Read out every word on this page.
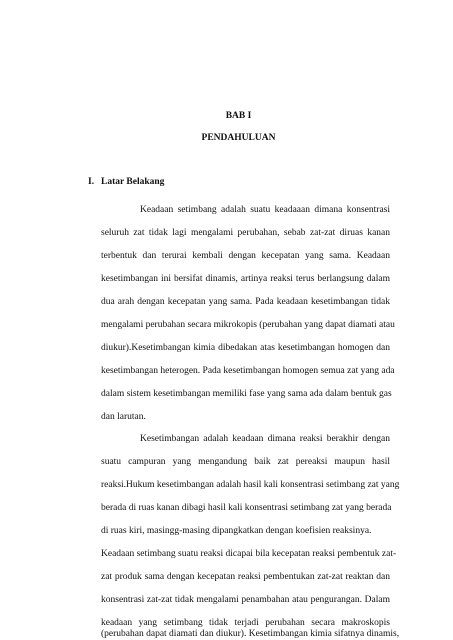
BAB I
PENDAHULUAN
I. Latar Belakang
Keadaan setimbang adalah suatu keadaaan dimana konsentrasi
seluruh zat tidak lagi mengalami perubahan, sebab zat-zat diruas kanan
terbentuk dan terurai kembali dengan kecepatan yang sama. Keadaan
kesetimbangan ini bersifat dinamis, artinya reaksi terus berlangsung dalam
dua arah dengan kecepatan yang sama. Pada keadaan kesetimbangan tidak
mengalami perubahan secara mikrokopis (perubahan yang dapat diamati atau
diukur).Kesetimbangan kimia dibedakan atas kesetimbangan homogen dan
kesetimbangan heterogen. Pada kesetimbangan homogen semua zat yang ada
dalam sistem kesetimbangan memiliki fase yang sama ada dalam bentuk gas
dan larutan.
Kesetimbangan adalah keadaan dimana reaksi berakhir dengan
suatu campuran yang mengandung baik zat pereaksi maupun hasil
reaksi.Hukum kesetimbangan adalah hasil kali konsentrasi setimbang zat yang
berada di ruas kanan dibagi hasil kali konsentrasi setimbang zat yang berada
di ruas kiri, masingg-masing dipangkatkan dengan koefisien reaksinya.
Keadaan setimbang suatu reaksi dicapai bila kecepatan reaksi pembentuk zat-
zat produk sama dengan kecepatan reaksi pembentukan zat-zat reaktan dan
konsentrasi zat-zat tidak mengalami penambahan atau pengurangan. Dalam
keadaan yang setimbang tidak terjadi perubahan secara makroskopis
(perubahan dapat diamati dan diukur). Kesetimbangan kimia sifatnya dinamis,
